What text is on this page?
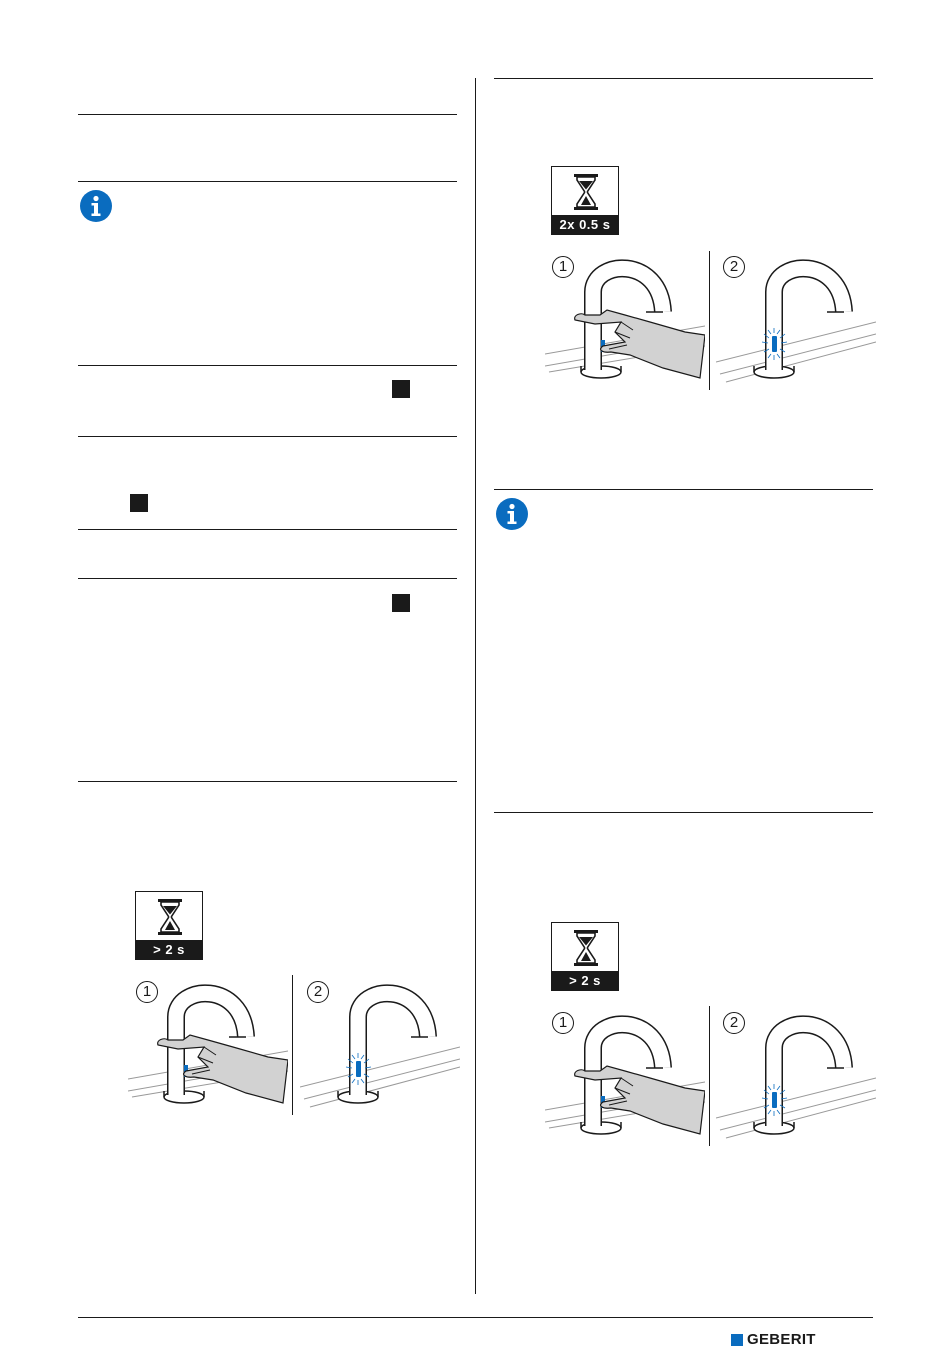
2x 0.5 s
1	2
> 2 s
1	2
> 2 s
1	2
GEBERIT
